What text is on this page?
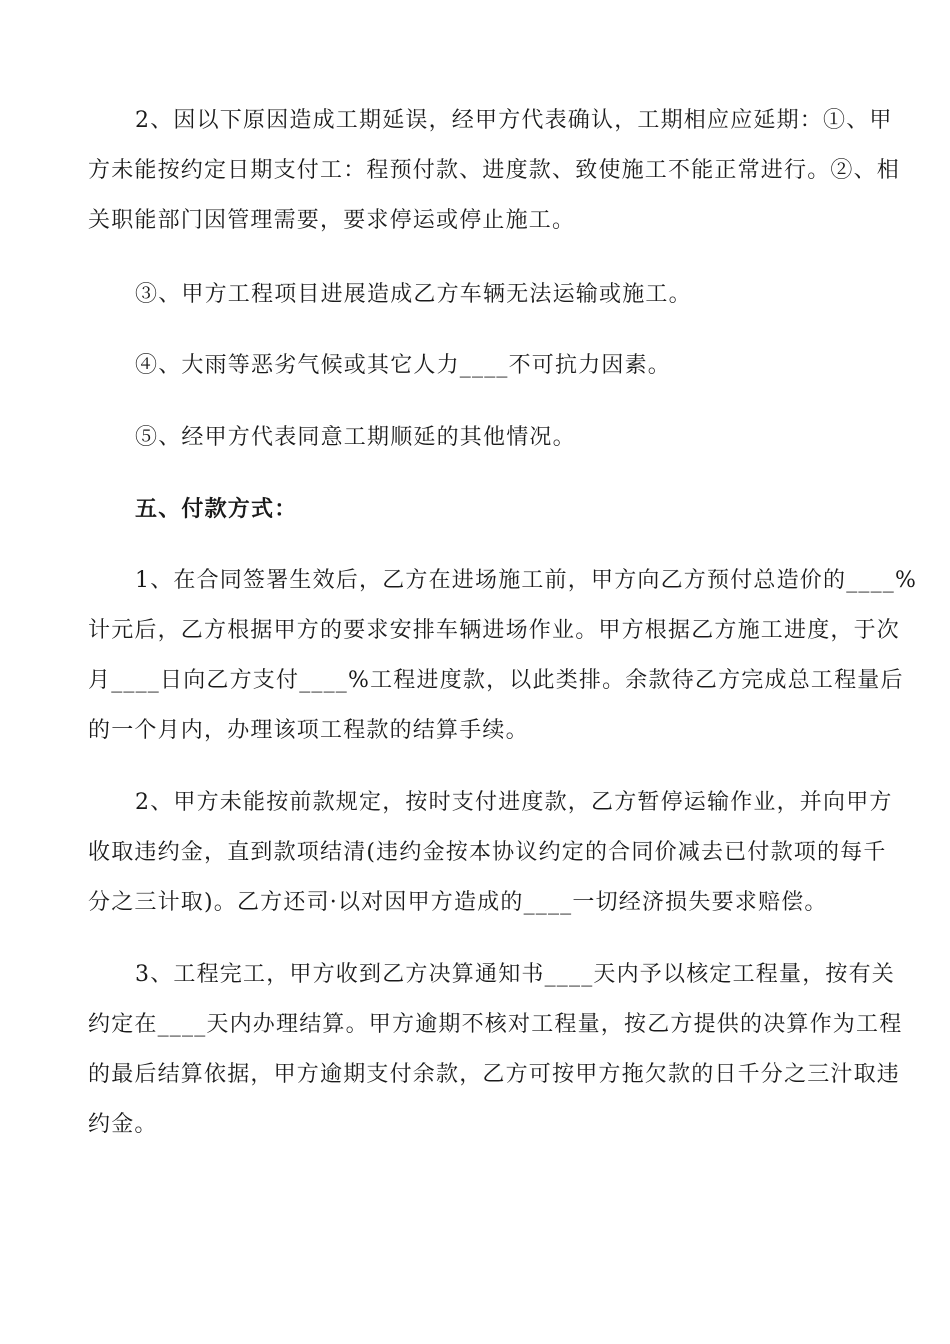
2、因以下原因造成工期延误，经甲方代表确认，工期相应应延期：①、甲
方未能按约定日期支付工：程预付款、进度款、致使施工不能正常进行。②、相
关职能部门因管理需要，要求停运或停止施工。
③、甲方工程项目进展造成乙方车辆无法运输或施工。
④、大雨等恶劣气候或其它人力____不可抗力因素。
⑤、经甲方代表同意工期顺延的其他情况。
五、付款方式：
1、在合同签署生效后，乙方在进场施工前，甲方向乙方预付总造价的____%
计元后，乙方根据甲方的要求安排车辆进场作业。甲方根据乙方施工进度，于次
月____日向乙方支付____%工程进度款，以此类排。余款待乙方完成总工程量后
的一个月内，办理该项工程款的结算手续。
2、甲方未能按前款规定，按时支付进度款，乙方暂停运输作业，并向甲方
收取违约金，直到款项结清(违约金按本协议约定的合同价减去已付款项的每千
分之三计取)。乙方还司·以对因甲方造成的____一切经济损失要求赔偿。
3、工程完工，甲方收到乙方决算通知书____天内予以核定工程量，按有关
约定在____天内办理结算。甲方逾期不核对工程量，按乙方提供的决算作为工程
的最后结算依据，甲方逾期支付余款，乙方可按甲方拖欠款的日千分之三汁取违
约金。
